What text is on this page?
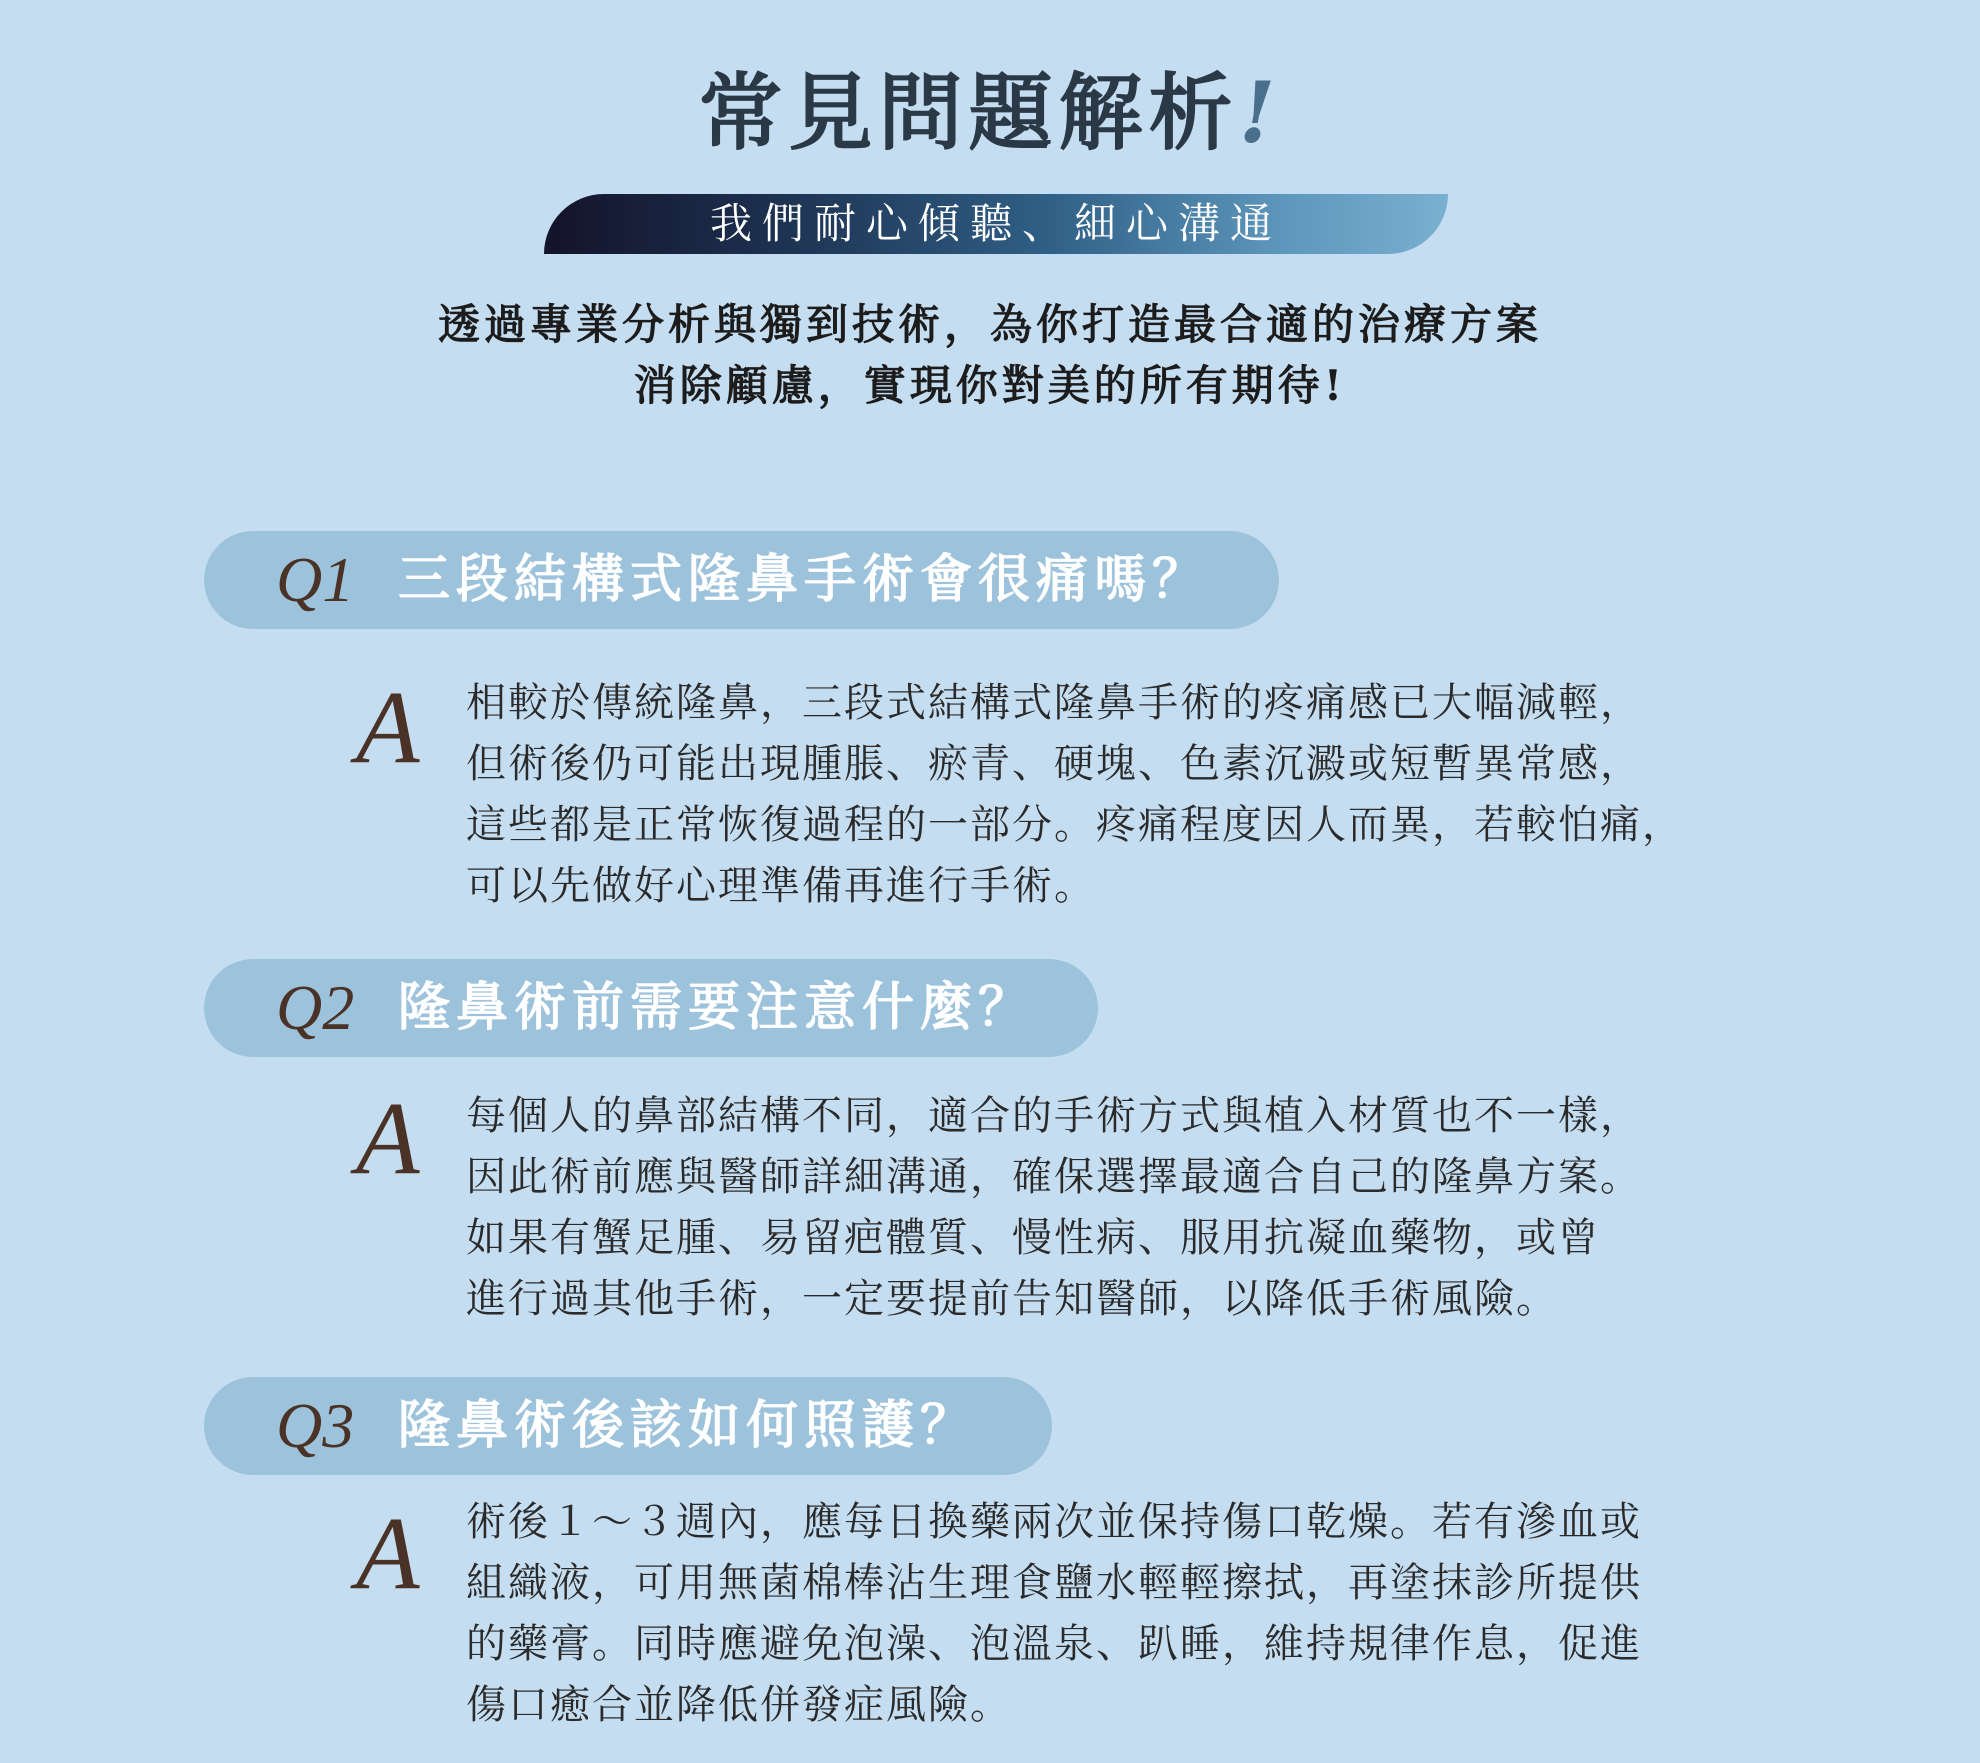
常見問題解析!
我們耐心傾聽、細心溝通
透過專業分析與獨到技術，為你打造最合適的治療方案
消除顧慮，實現你對美的所有期待!
Q1 三段結構式隆鼻手術會很痛嗎？
A 相較於傳統隆鼻，三段式結構式隆鼻手術的疼痛感已大幅減輕，
但術後仍可能出現腫脹、瘀青、硬塊、色素沉澱或短暫異常感，
這些都是正常恢復過程的一部分。疼痛程度因人而異，若較怕痛，
可以先做好心理準備再進行手術。
Q2 隆鼻術前需要注意什麼？
A 每個人的鼻部結構不同，適合的手術方式與植入材質也不一樣，
因此術前應與醫師詳細溝通，確保選擇最適合自己的隆鼻方案。
如果有蟹足腫、易留疤體質、慢性病、服用抗凝血藥物，或曾
進行過其他手術，一定要提前告知醫師，以降低手術風險。
Q3 隆鼻術後該如何照護？
A 術後１～３週內，應每日換藥兩次並保持傷口乾燥。若有滲血或
組織液，可用無菌棉棒沾生理食鹽水輕輕擦拭，再塗抹診所提供
的藥膏。同時應避免泡澡、泡溫泉、趴睡，維持規律作息，促進
傷口癒合並降低併發症風險。
